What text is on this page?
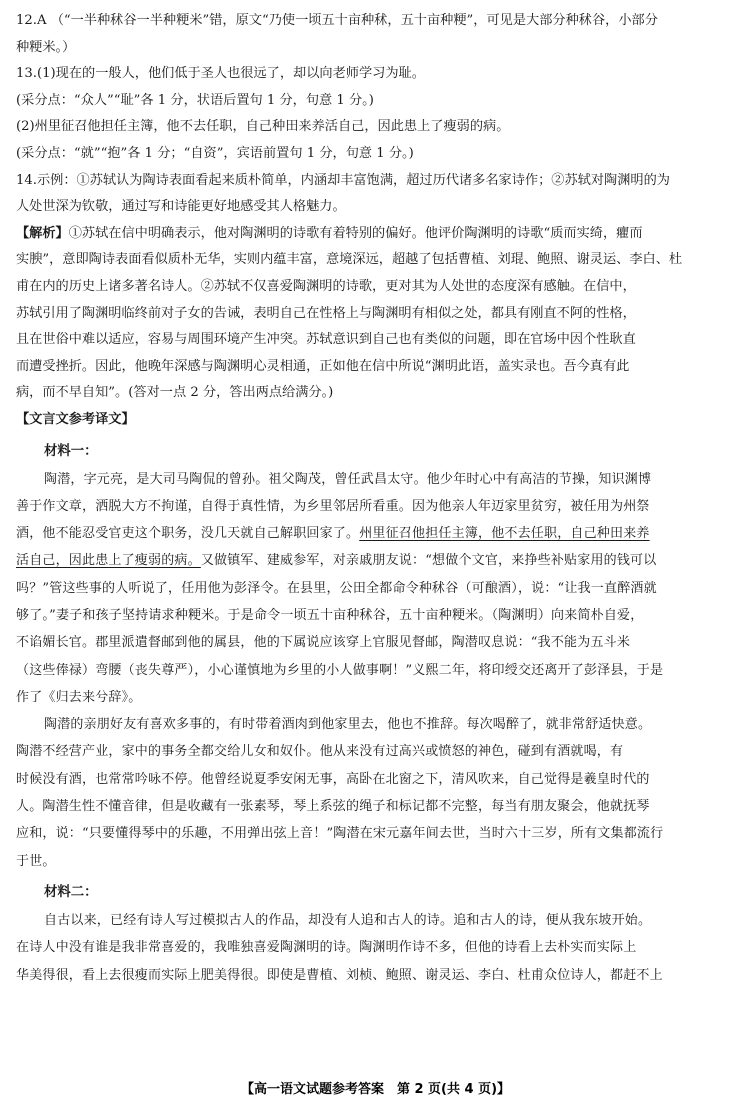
12.A （“一半种秫谷一半种粳米”错，原文“乃使一顷五十亩种秫，五十亩种粳”，可见是大部分种秫谷，小部分

种粳米。）

13.(1)现在的一般人，他们低于圣人也很远了，却以向老师学习为耻。

(采分点：“众人”“耻”各 1 分，状语后置句 1 分，句意 1 分。)

(2)州里征召他担任主簿，他不去任职，自己种田来养活自己，因此患上了瘦弱的病。

(采分点：“就”“抱”各 1 分；“自资”，宾语前置句 1 分，句意 1 分。)

14.示例：①苏轼认为陶诗表面看起来质朴简单，内涵却丰富饱满，超过历代诸多名家诗作；②苏轼对陶渊明的为

人处世深为钦敬，通过写和诗能更好地感受其人格魅力。

【解析】①苏轼在信中明确表示，他对陶渊明的诗歌有着特别的偏好。他评价陶渊明的诗歌“质而实绮，癯而

实腴”，意即陶诗表面看似质朴无华，实则内蕴丰富，意境深远，超越了包括曹植、刘琨、鲍照、谢灵运、李白、杜

甫在内的历史上诸多著名诗人。②苏轼不仅喜爱陶渊明的诗歌，更对其为人处世的态度深有感触。在信中，

苏轼引用了陶渊明临终前对子女的告诫，表明自己在性格上与陶渊明有相似之处，都具有刚直不阿的性格，

且在世俗中难以适应，容易与周围环境产生冲突。苏轼意识到自己也有类似的问题，即在官场中因个性耿直

而遭受挫折。因此，他晚年深感与陶渊明心灵相通，正如他在信中所说“渊明此语，盖实录也。吾今真有此

病，而不早自知”。(答对一点 2 分，答出两点给满分。)

【文言文参考译文】

材料一：

陶潜，字元亮，是大司马陶侃的曾孙。祖父陶茂，曾任武昌太守。他少年时心中有高洁的节操，知识渊博

善于作文章，洒脱大方不拘谨，自得于真性情，为乡里邻居所看重。因为他亲人年迈家里贫穷，被任用为州祭

酒，他不能忍受官吏这个职务，没几天就自己解职回家了。州里征召他担任主簿，他不去任职，自己种田来养

活自己，因此患上了瘦弱的病。又做镇军、建威参军，对亲戚朋友说：“想做个文官，来挣些补贴家用的钱可以

吗？”管这些事的人听说了，任用他为彭泽令。在县里，公田全都命令种秫谷（可酿酒），说：“让我一直醉酒就

够了。”妻子和孩子坚持请求种粳米。于是命令一顷五十亩种秫谷，五十亩种粳米。（陶渊明）向来简朴自爱，

不谄媚长官。郡里派遣督邮到他的属县，他的下属说应该穿上官服见督邮，陶潜叹息说：“我不能为五斗米

（这些俸禄）弯腰（丧失尊严），小心谨慎地为乡里的小人做事啊！”义熙二年，将印绶交还离开了彭泽县，于是

作了《归去来兮辞》。

陶潜的亲朋好友有喜欢多事的，有时带着酒肉到他家里去，他也不推辞。每次喝醉了，就非常舒适快意。

陶潜不经营产业，家中的事务全都交给儿女和奴仆。他从来没有过高兴或愤怒的神色，碰到有酒就喝，有

时候没有酒，也常常吟咏不停。他曾经说夏季安闲无事，高卧在北窗之下，清风吹来，自己觉得是羲皇时代的

人。陶潜生性不懂音律，但是收藏有一张素琴，琴上系弦的绳子和标记都不完整，每当有朋友聚会，他就抚琴

应和，说：“只要懂得琴中的乐趣，不用弹出弦上音！”陶潜在宋元嘉年间去世，当时六十三岁，所有文集都流行

于世。

材料二：

自古以来，已经有诗人写过模拟古人的作品，却没有人追和古人的诗。追和古人的诗，便从我东坡开始。

在诗人中没有谁是我非常喜爱的，我唯独喜爱陶渊明的诗。陶渊明作诗不多，但他的诗看上去朴实而实际上

华美得很，看上去很瘦而实际上肥美得很。即使是曹植、刘桢、鲍照、谢灵运、李白、杜甫众位诗人，都赶不上

【高一语文试题参考答案　第 2 页(共 4 页)】
